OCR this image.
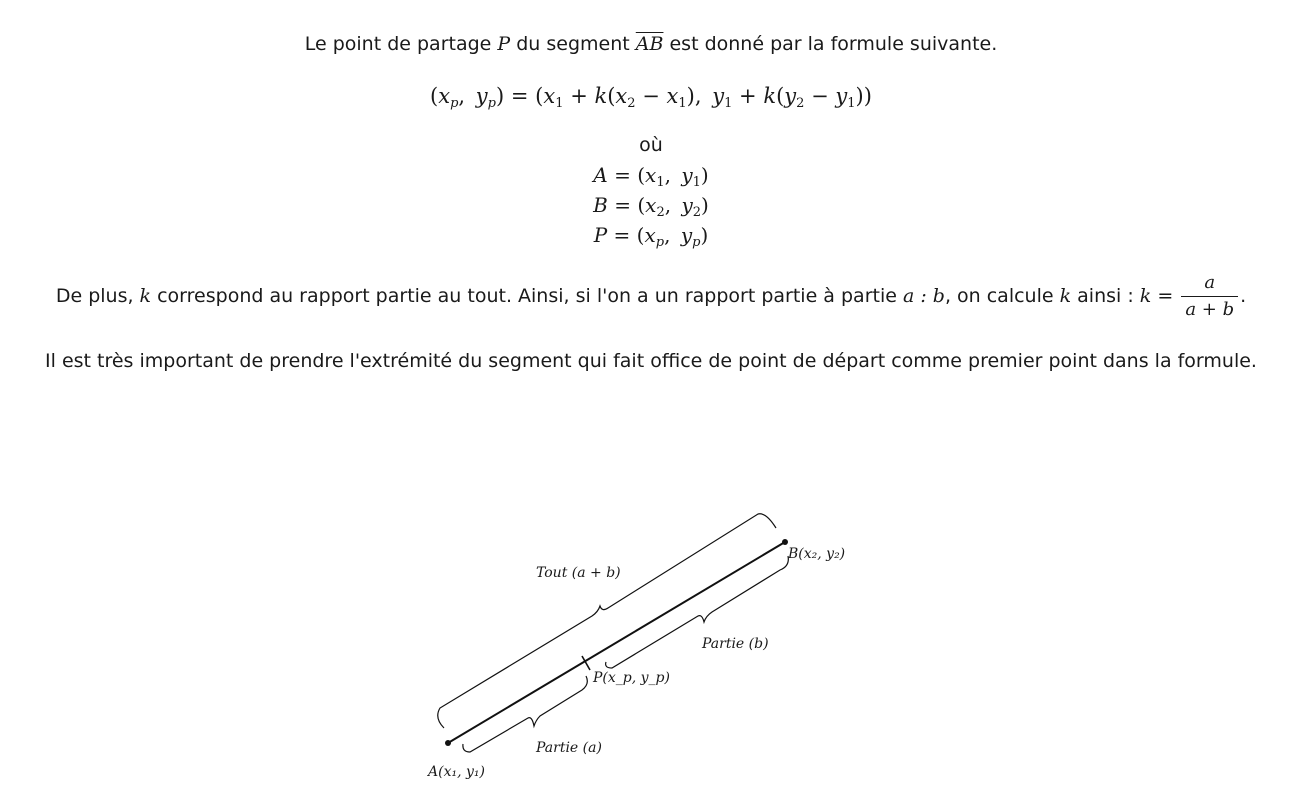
Le point de partage P du segment $\overline{AB}$ est donné par la formule suivante.
($x_p$, $y_p) = (x_1 + k(x_2 - x_1)$, $y_1 + k(y_2 - y_1)$)
où
$A = (x_1$, $y_1$)
$B = (x_2$, $y_2$)
$P = (x_p$, $y_p$)
De plus, k correspond au rapport partie au tout. Ainsi, si l'on a un rapport partie à partie a : b, on calcule k ainsi : $k = \frac{a}{a + b}$ .
Il est très important de prendre l'extrémité du segment qui fait office de point de départ comme premier point dans la formule.
Tout (a + b)
Partie (b)
Partie (a)
A(x₁, y₁)
B(x₂, y₂)
P(x_p, y_p)
